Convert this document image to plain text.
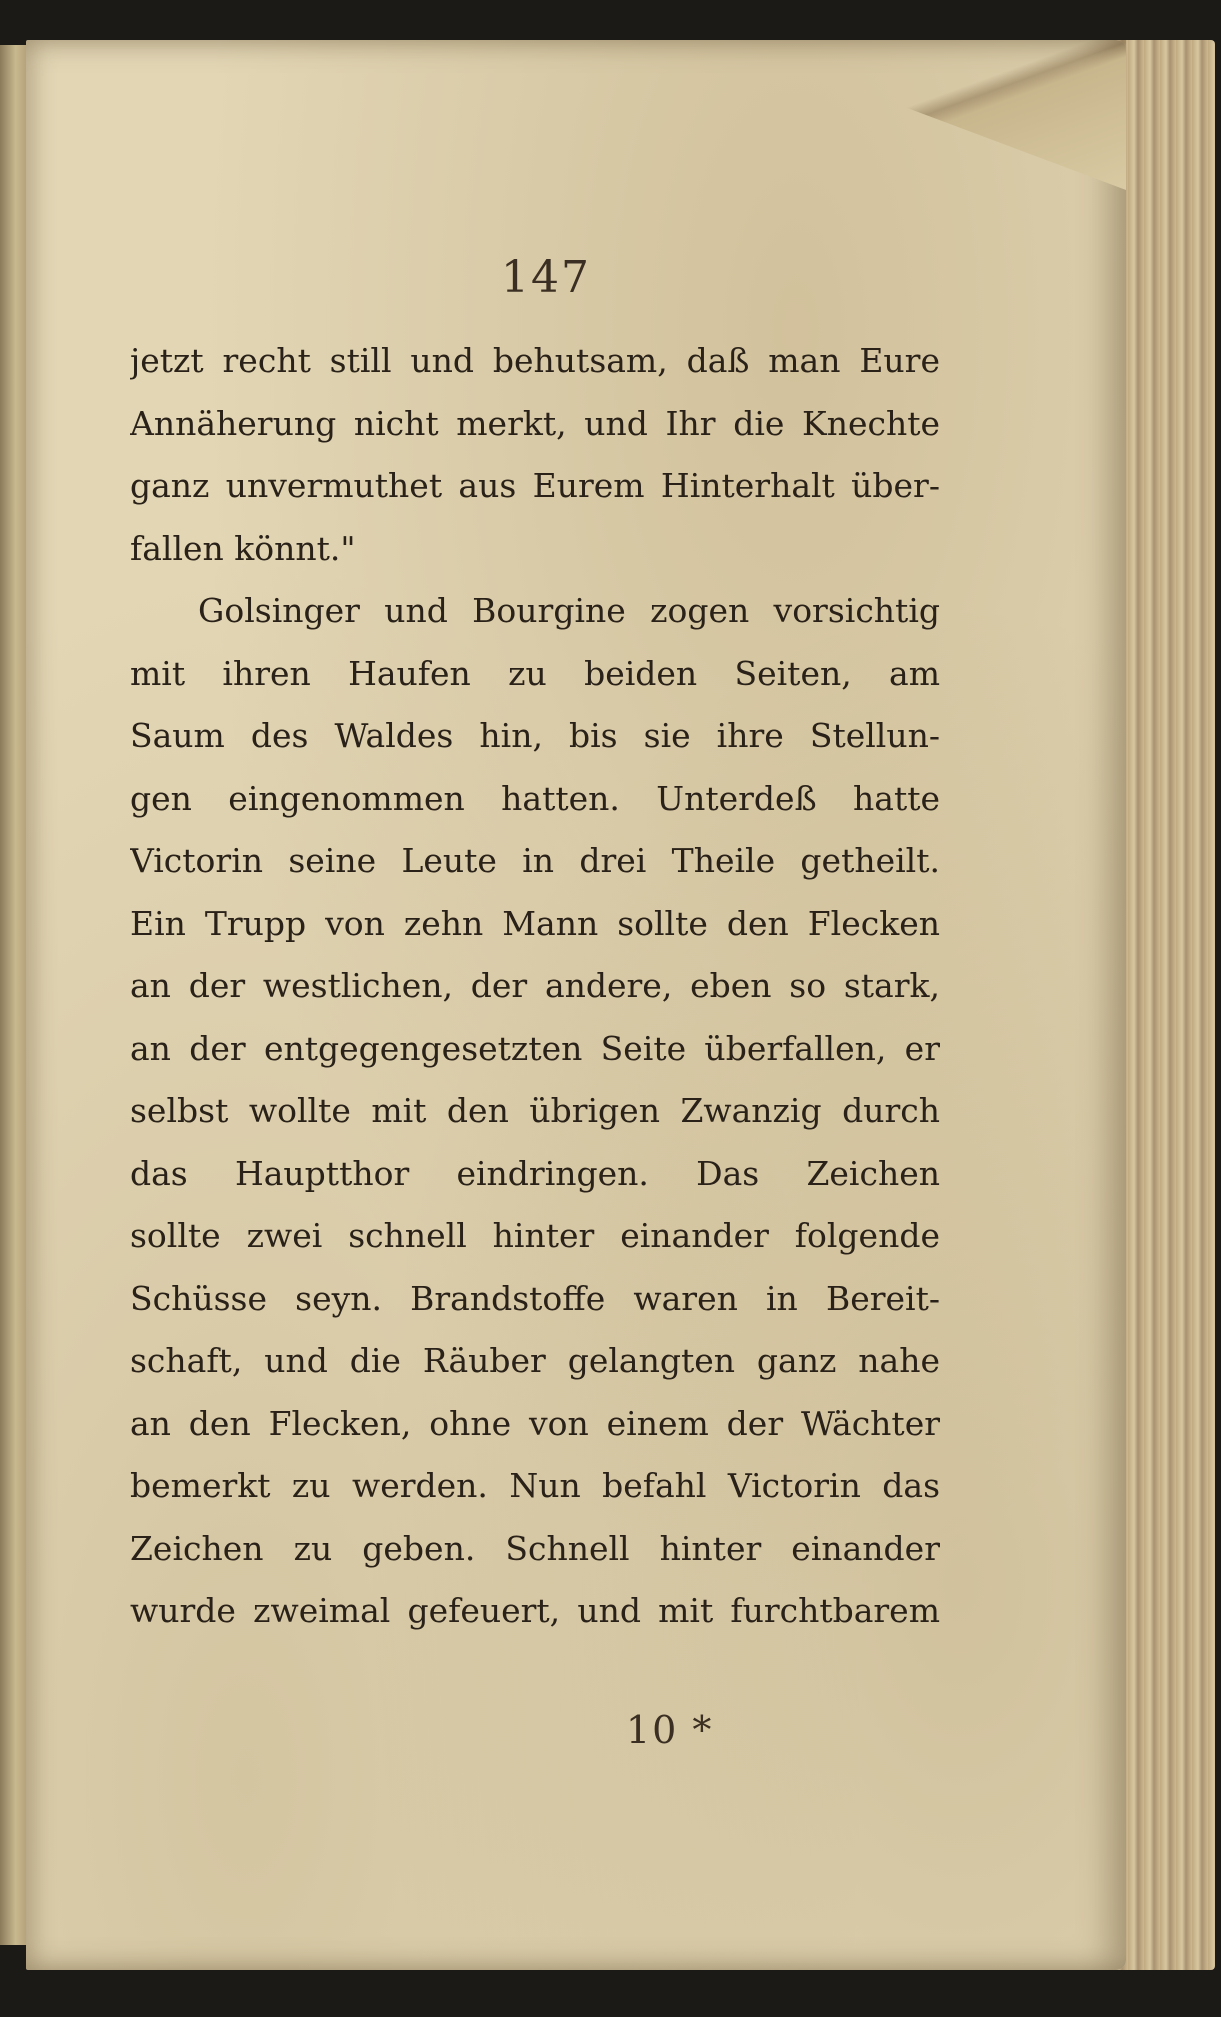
147
jetzt recht still und behutsam, daß man Eure
Annäherung nicht merkt, und Ihr die Knechte
ganz unvermuthet aus Eurem Hinterhalt über-
fallen könnt."
Golsinger und Bourgine zogen vorsichtig
mit ihren Haufen zu beiden Seiten, am
Saum des Waldes hin, bis sie ihre Stellun-
gen eingenommen hatten. Unterdeß hatte
Victorin seine Leute in drei Theile getheilt.
Ein Trupp von zehn Mann sollte den Flecken
an der westlichen, der andere, eben so stark,
an der entgegengesetzten Seite überfallen, er
selbst wollte mit den übrigen Zwanzig durch
das Hauptthor eindringen. Das Zeichen
sollte zwei schnell hinter einander folgende
Schüsse seyn. Brandstoffe waren in Bereit-
schaft, und die Räuber gelangten ganz nahe
an den Flecken, ohne von einem der Wächter
bemerkt zu werden. Nun befahl Victorin das
Zeichen zu geben. Schnell hinter einander
wurde zweimal gefeuert, und mit furchtbarem
10 *
